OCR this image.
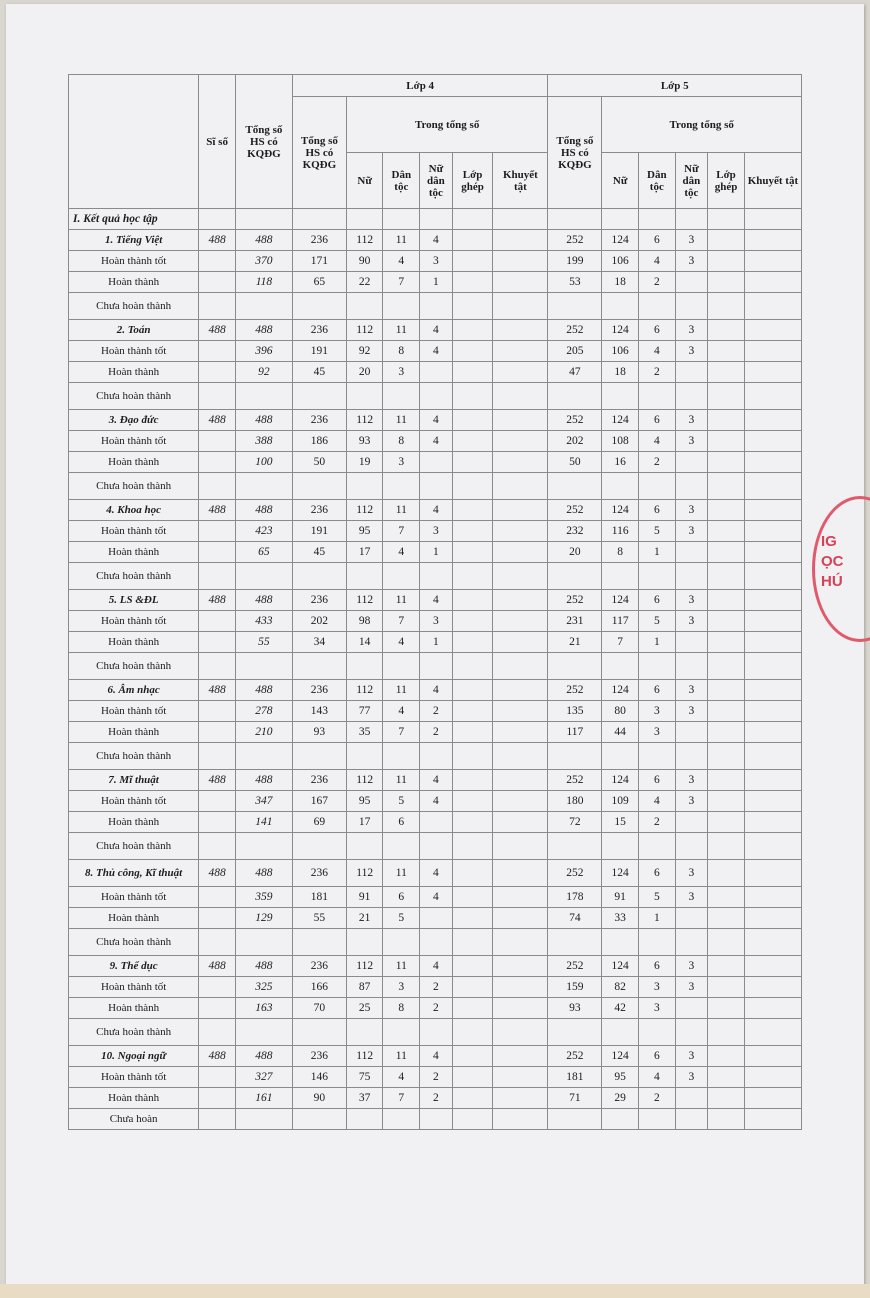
	Sĩ số	Tổng số HS có KQĐG	Lớp 4						Lớp 5					
			Tổng số HS có KQĐG	Trong tổng số					Tổng số HS có KQĐG	Trong tổng số				
				Nữ	Dân tộc	Nữ dân tộc	Lớp ghép	Khuyết tật		Nữ	Dân tộc	Nữ dân tộc	Lớp ghép	Khuyết tật
I. Kết quả học tập														
1. Tiếng Việt	488	488	236	112	11	4			252	124	6	3		
Hoàn thành tốt		370	171	90	4	3			199	106	4	3		
Hoàn thành		118	65	22	7	1			53	18	2			
Chưa hoàn thành														
2. Toán	488	488	236	112	11	4			252	124	6	3		
Hoàn thành tốt		396	191	92	8	4			205	106	4	3		
Hoàn thành		92	45	20	3				47	18	2			
Chưa hoàn thành														
3. Đạo đức	488	488	236	112	11	4			252	124	6	3		
Hoàn thành tốt		388	186	93	8	4			202	108	4	3		
Hoàn thành		100	50	19	3				50	16	2			
Chưa hoàn thành														
4. Khoa học	488	488	236	112	11	4			252	124	6	3		
Hoàn thành tốt		423	191	95	7	3			232	116	5	3		
Hoàn thành		65	45	17	4	1			20	8	1			
Chưa hoàn thành														
5. LS &ĐL	488	488	236	112	11	4			252	124	6	3		
Hoàn thành tốt		433	202	98	7	3			231	117	5	3		
Hoàn thành		55	34	14	4	1			21	7	1			
Chưa hoàn thành														
6. Âm nhạc	488	488	236	112	11	4			252	124	6	3		
Hoàn thành tốt		278	143	77	4	2			135	80	3	3		
Hoàn thành		210	93	35	7	2			117	44	3			
Chưa hoàn thành														
7. Mĩ thuật	488	488	236	112	11	4			252	124	6	3		
Hoàn thành tốt		347	167	95	5	4			180	109	4	3		
Hoàn thành		141	69	17	6				72	15	2			
Chưa hoàn thành														
8. Thủ công, Kĩ thuật	488	488	236	112	11	4			252	124	6	3		
Hoàn thành tốt		359	181	91	6	4			178	91	5	3		
Hoàn thành		129	55	21	5				74	33	1			
Chưa hoàn thành														
9. Thể dục	488	488	236	112	11	4			252	124	6	3		
Hoàn thành tốt		325	166	87	3	2			159	82	3	3		
Hoàn thành		163	70	25	8	2			93	42	3			
Chưa hoàn thành														
10. Ngoại ngữ	488	488	236	112	11	4			252	124	6	3		
Hoàn thành tốt		327	146	75	4	2			181	95	4	3		
Hoàn thành		161	90	37	7	2			71	29	2			
Chưa hoàn														
IG
ỌC
HÚ
